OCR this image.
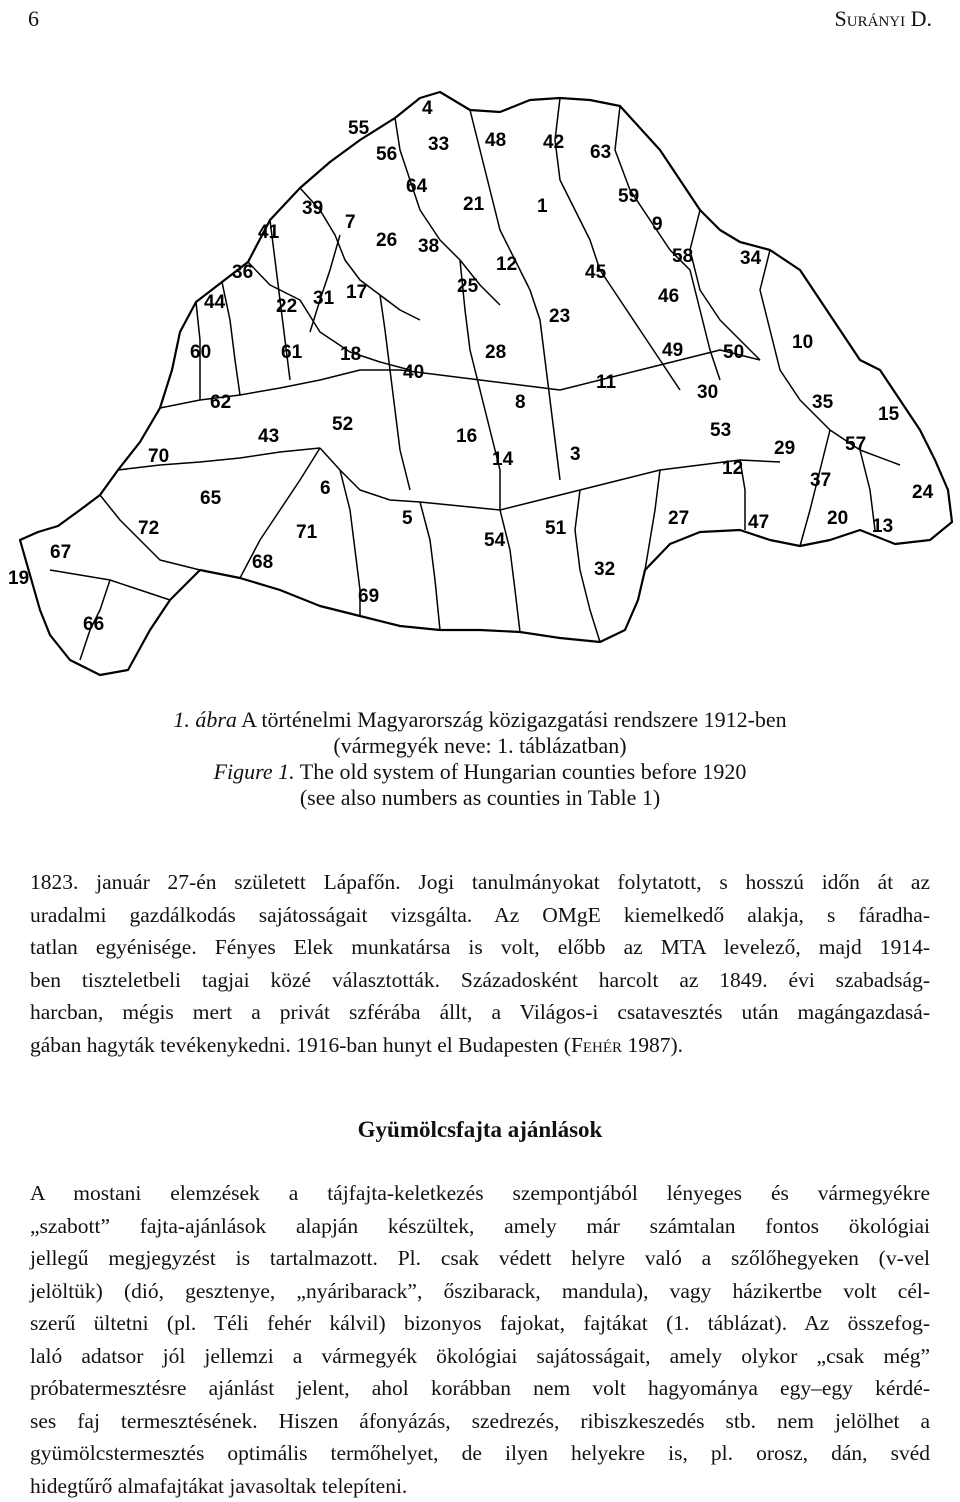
6	Surányi D.
1
3
4
5
6
7
8
9
10
11
12
12
13
14
15
16
17
18
19
20
21
22	23
24
25
26
27
28
29
30
31
32
33
34
35
36
37
38
39
40
41
42
43
44
45
46
47
48
49 50
51
52	53
54
55
56
57
58
59
60	61
62
63
64
65
66
67	68
69
70
71
72
1. ábra A történelmi Magyarország közigazgatási rendszere 1912-ben
(vármegyék neve: 1. táblázatban)
Figure 1. The old system of Hungarian counties before 1920
(see also numbers as counties in Table 1)
1823. január 27-én született Lápafőn. Jogi tanulmányokat folytatott, s hosszú időn át az
uradalmi gazdálkodás sajátosságait vizsgálta. Az OMgE kiemelkedő alakja, s fáradha-
tatlan egyénisége. Fényes Elek munkatársa is volt, előbb az MTA levelező, majd 1914-
ben tiszteletbeli tagjai közé választották. Századosként harcolt az 1849. évi szabadság-
harcban, mégis mert a privát szférába állt, a Világos-i csatavesztés után magángazdasá-
gában hagyták tevékenykedni. 1916-ban hunyt el Budapesten (Fehér 1987).
Gyümölcsfajta ajánlások
A mostani elemzések a tájfajta-keletkezés szempontjából lényeges és vármegyékre
„szabott” fajta-ajánlások alapján készültek, amely már számtalan fontos ökológiai
jellegű megjegyzést is tartalmazott. Pl. csak védett helyre való a szőlőhegyeken (v-vel
jelöltük) (dió, gesztenye, „nyáribarack”, őszibarack, mandula), vagy házikertbe volt cél-
szerű ültetni (pl. Téli fehér kálvil) bizonyos fajokat, fajtákat (1. táblázat). Az összefog-
laló adatsor jól jellemzi a vármegyék ökológiai sajátosságait, amely olykor „csak még”
próbatermesztésre ajánlást jelent, ahol korábban nem volt hagyománya egy–egy kérdé-
ses faj termesztésének. Hiszen áfonyázás, szedrezés, ribiszkeszedés stb. nem jelölhet a
gyümölcstermesztés optimális termőhelyet, de ilyen helyekre is, pl. orosz, dán, svéd
hidegtűrő almafajtákat javasoltak telepíteni.
